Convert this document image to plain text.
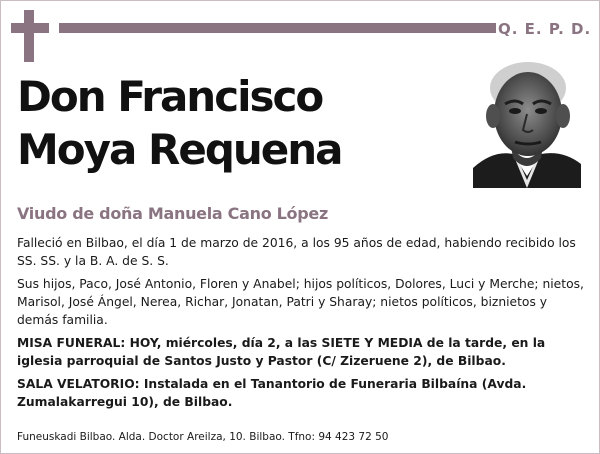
Q. E. P. D.
Don Francisco
Moya Requena
Viudo de doña Manuela Cano López

Falleció en Bilbao, el día 1 de marzo de 2016, a los 95 años de edad, habiendo recibido los SS. SS. y la B. A. de S. S.

Sus hijos, Paco, José Antonio, Floren y Anabel; hijos políticos, Dolores, Luci y Merche; nietos, Marisol, José Ángel, Nerea, Richar, Jonatan, Patri y Sharay; nietos políticos, biznietos y demás familia.

MISA FUNERAL: HOY, miércoles, día 2, a las SIETE Y MEDIA de la tarde, en la iglesia parroquial de Santos Justo y Pastor (C/ Zizeruene 2), de Bilbao.

SALA VELATORIO: Instalada en el Tanantorio de Funeraria Bilbaína (Avda. Zumalakarregui 10), de Bilbao.

Funeuskadi Bilbao. Alda. Doctor Areilza, 10. Bilbao. Tfno: 94 423 72 50
